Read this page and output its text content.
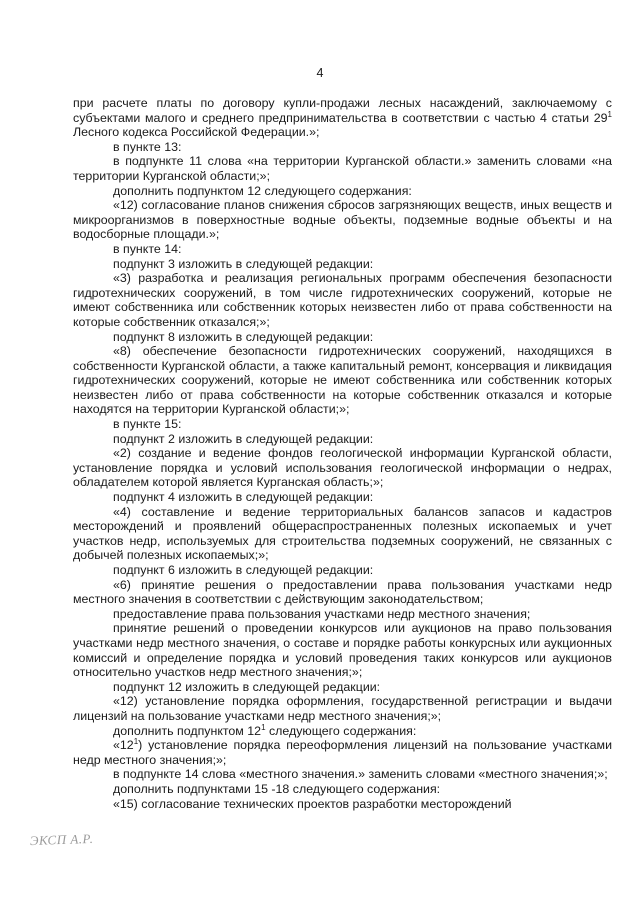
4

при расчете платы по договору купли-продажи лесных насаждений, заключаемому с субъектами малого и среднего предпринимательства в соответствии с частью 4 статьи $29^1$ Лесного кодекса Российской Федерации.»;

в пункте 13:

в подпункте 11 слова «на территории Курганской области.» заменить словами «на территории Курганской области;»;

дополнить подпунктом 12 следующего содержания:

«12) согласование планов снижения сбросов загрязняющих веществ, иных веществ и микроорганизмов в поверхностные водные объекты, подземные водные объекты и на водосборные площади.»;

в пункте 14:

подпункт 3 изложить в следующей редакции:

«3) разработка и реализация региональных программ обеспечения безопасности гидротехнических сооружений, в том числе гидротехнических сооружений, которые не имеют собственника или собственник которых неизвестен либо от права собственности на которые собственник отказался;»;

подпункт 8 изложить в следующей редакции:

«8) обеспечение безопасности гидротехнических сооружений, находящихся в собственности Курганской области, а также капитальный ремонт, консервация и ликвидация гидротехнических сооружений, которые не имеют собственника или собственник которых неизвестен либо от права собственности на которые собственник отказался и которые находятся на территории Курганской области;»;

в пункте 15:

подпункт 2 изложить в следующей редакции:

«2) создание и ведение фондов геологической информации Курганской области, установление порядка и условий использования геологической информации о недрах, обладателем которой является Курганская область;»;

подпункт 4 изложить в следующей редакции:

«4) составление и ведение территориальных балансов запасов и кадастров месторождений и проявлений общераспространенных полезных ископаемых и учет участков недр, используемых для строительства подземных сооружений, не связанных с добычей полезных ископаемых;»;

подпункт 6 изложить в следующей редакции:

«6) принятие решения о предоставлении права пользования участками недр местного значения в соответствии с действующим законодательством;

предоставление права пользования участками недр местного значения;

принятие решений о проведении конкурсов или аукционов на право пользования участками недр местного значения, о составе и порядке работы конкурсных или аукционных комиссий и определение порядка и условий проведения таких конкурсов или аукционов относительно участков недр местного значения;»;

подпункт 12 изложить в следующей редакции:

«12) установление порядка оформления, государственной регистрации и выдачи лицензий на пользование участками недр местного значения;»;

дополнить подпунктом $12^1$ следующего содержания:

«$12^1$) установление порядка переоформления лицензий на пользование участками недр местного значения;»;

в подпункте 14 слова «местного значения.» заменить словами «местного значения;»;

дополнить подпунктами 15 -18 следующего содержания:

«15) согласование технических проектов разработки месторождений

ЭКСП А.Р.
